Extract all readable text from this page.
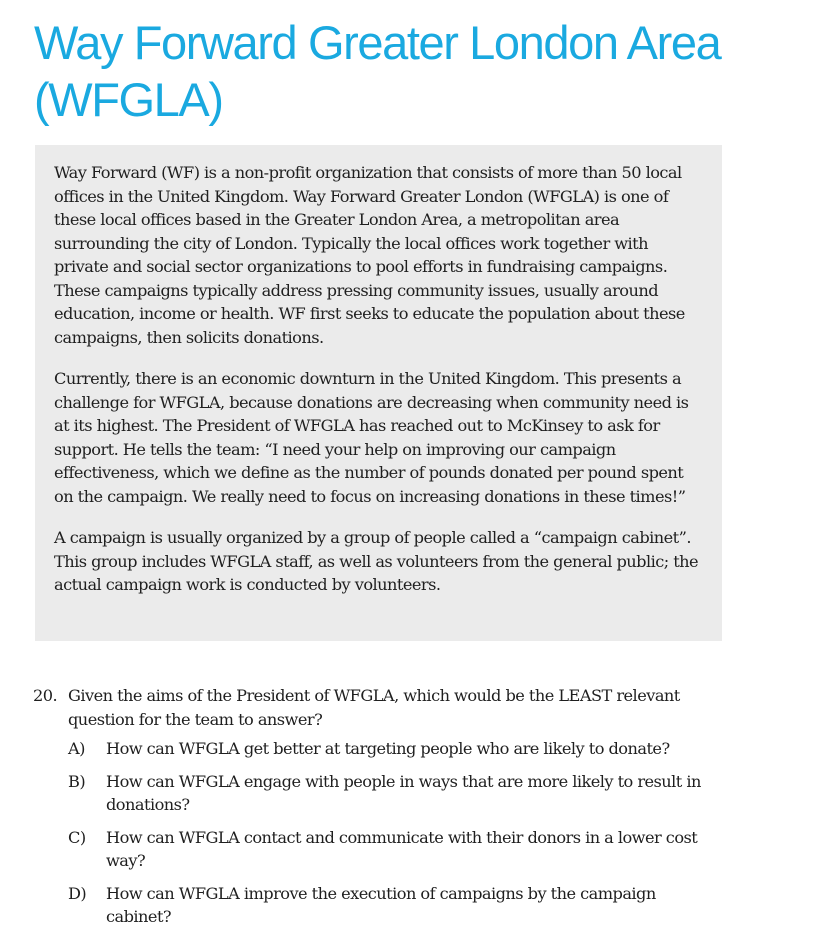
Way Forward Greater London Area (WFGLA)

Way Forward (WF) is a non-profit organization that consists of more than 50 local offices in the United Kingdom. Way Forward Greater London (WFGLA) is one of these local offices based in the Greater London Area, a metropolitan area surrounding the city of London. Typically the local offices work together with private and social sector organizations to pool efforts in fundraising campaigns. These campaigns typically address pressing community issues, usually around education, income or health. WF first seeks to educate the population about these campaigns, then solicits donations.

Currently, there is an economic downturn in the United Kingdom. This presents a challenge for WFGLA, because donations are decreasing when community need is at its highest. The President of WFGLA has reached out to McKinsey to ask for support. He tells the team: “I need your help on improving our campaign effectiveness, which we define as the number of pounds donated per pound spent on the campaign. We really need to focus on increasing donations in these times!”

A campaign is usually organized by a group of people called a “campaign cabinet”. This group includes WFGLA staff, as well as volunteers from the general public; the actual campaign work is conducted by volunteers.

20. Given the aims of the President of WFGLA, which would be the LEAST relevant question for the team to answer?
A)	How can WFGLA get better at targeting people who are likely to donate?
B)	How can WFGLA engage with people in ways that are more likely to result in donations?
C)	How can WFGLA contact and communicate with their donors in a lower cost way?
D)	How can WFGLA improve the execution of campaigns by the campaign cabinet?
